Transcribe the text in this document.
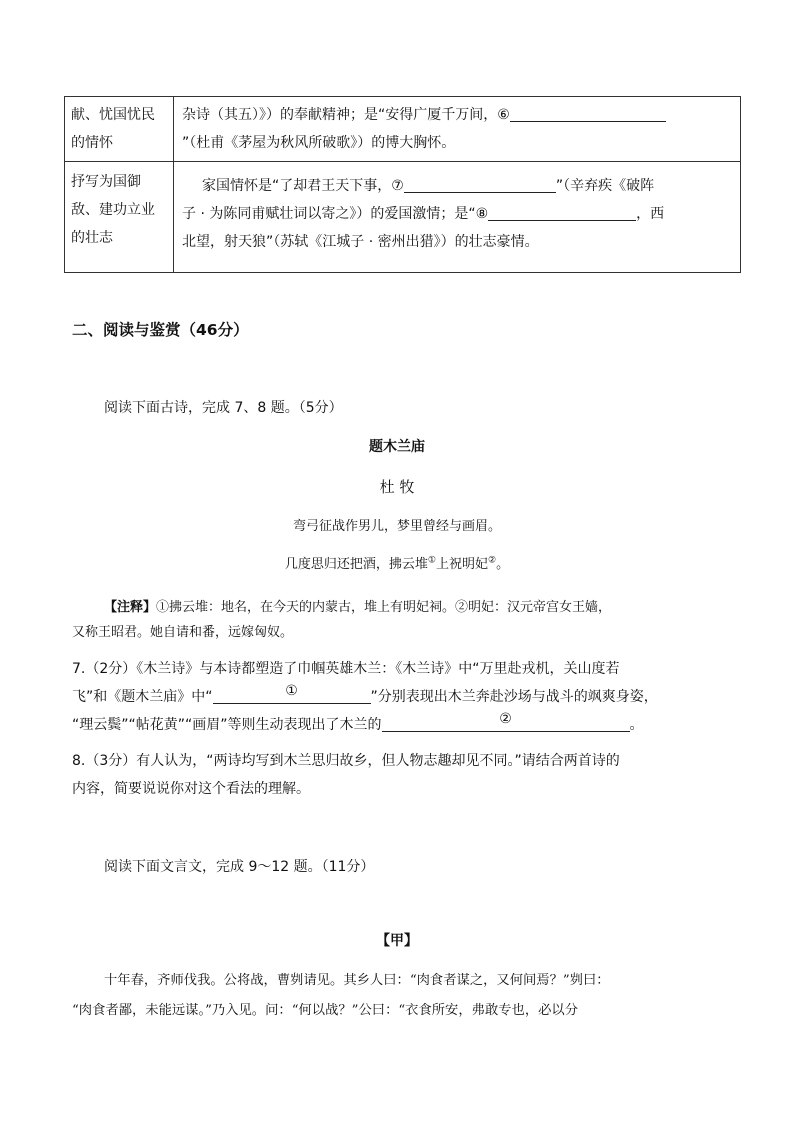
献、忧国忧民的情怀	杂诗（其五）》）的奉献精神；是“安得广厦千万间，⑥
”（杜甫《茅屋为秋风所破歌》）的博大胸怀。

抒写为国御敌、建功立业的壮志	家国情怀是“了却君王天下事，⑦ ”（辛弃疾《破阵
子 · 为陈同甫赋壮词以寄之》）的爱国激情；是“⑧ ，西
北望，射天狼”（苏轼《江城子 · 密州出猎》）的壮志豪情。
二、阅读与鉴赏（46分）
阅读下面古诗，完成 7、8 题。（5分）
题木兰庙
杜 牧
弯弓征战作男儿，梦里曾经与画眉。
几度思归还把酒，拂云堆①上祝明妃②。
【注释】①拂云堆：地名，在今天的内蒙古，堆上有明妃祠。②明妃：汉元帝宫女王嫱，
又称王昭君。她自请和番，远嫁匈奴。
7.（2分）《木兰诗》与本诗都塑造了巾帼英雄木兰：《木兰诗》中“万里赴戎机，关山度若
飞”和《题木兰庙》中“	①	”分别表现出木兰奔赴沙场与战斗的飒爽身姿，
“理云鬓”“帖花黄”“画眉”等则生动表现出了木兰的	②	。
8.（3分）有人认为，“两诗均写到木兰思归故乡，但人物志趣却见不同。”请结合两首诗的
内容，简要说说你对这个看法的理解。
阅读下面文言文，完成 9～12 题。（11分）
【甲】
十年春，齐师伐我。公将战，曹刿请见。其乡人曰：“肉食者谋之，又何间焉？”刿曰：
“肉食者鄙，未能远谋。”乃入见。问：“何以战？”公曰：“衣食所安，弗敢专也，必以分
